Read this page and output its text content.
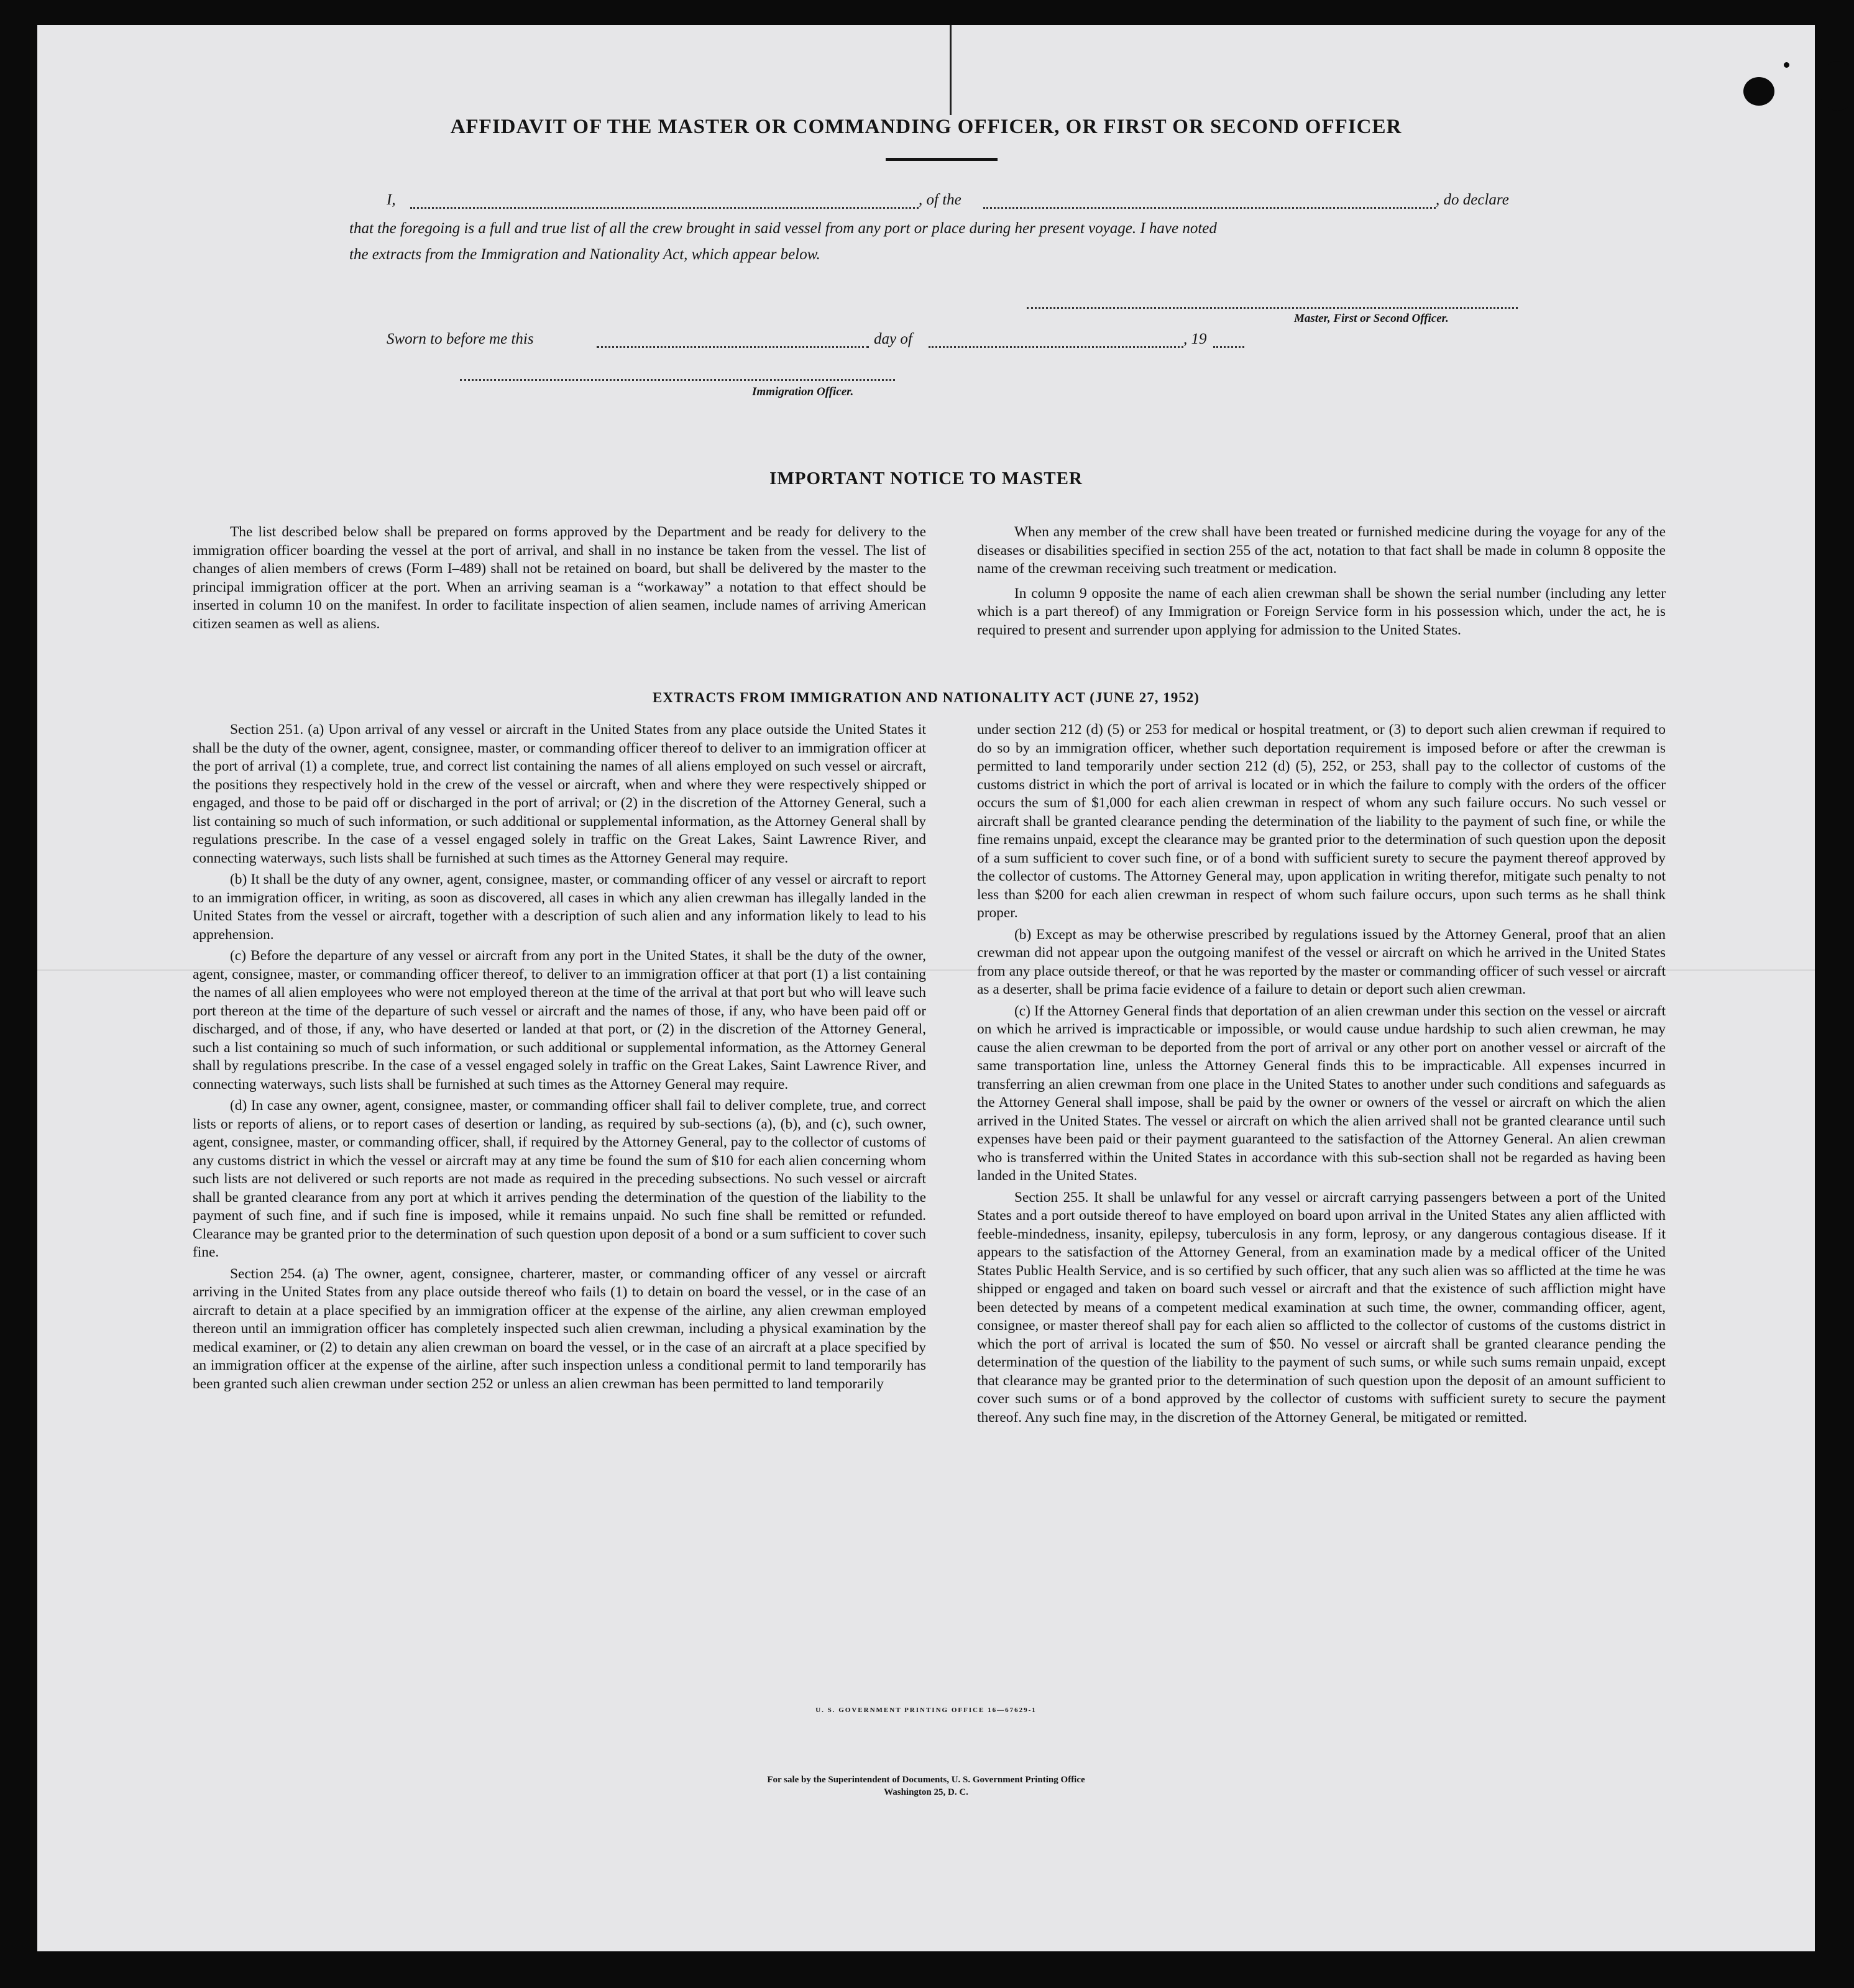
AFFIDAVIT OF THE MASTER OR COMMANDING OFFICER, OR FIRST OR SECOND OFFICER
I,	, of the	, do declare
that the foregoing is a full and true list of all the crew brought in said vessel from any port or place during her present voyage. I have noted
the extracts from the Immigration and Nationality Act, which appear below.
Master, First or Second Officer.
Sworn to before me this	day of	, 19
Immigration Officer.
IMPORTANT NOTICE TO MASTER

The list described below shall be prepared on forms approved by the Department and be ready for delivery to the immigration officer boarding the vessel at the port of arrival, and shall in no instance be taken from the vessel. The list of changes of alien members of crews (Form I–489) shall not be retained on board, but shall be delivered by the master to the principal immigration officer at the port. When an arriving seaman is a “workaway” a notation to that effect should be inserted in column 10 on the manifest. In order to facilitate inspection of alien seamen, include names of arriving American citizen seamen as well as aliens.

When any member of the crew shall have been treated or furnished medicine during the voyage for any of the diseases or disabilities specified in section 255 of the act, notation to that fact shall be made in column 8 opposite the name of the crewman receiving such treatment or medication.

In column 9 opposite the name of each alien crewman shall be shown the serial number (including any letter which is a part thereof) of any Immigration or Foreign Service form in his possession which, under the act, he is required to present and surrender upon applying for admission to the United States.

EXTRACTS FROM IMMIGRATION AND NATIONALITY ACT (JUNE 27, 1952)

Section 251. (a) Upon arrival of any vessel or aircraft in the United States from any place outside the United States it shall be the duty of the owner, agent, consignee, master, or commanding officer thereof to deliver to an immigration officer at the port of arrival (1) a complete, true, and correct list containing the names of all aliens employed on such vessel or aircraft, the positions they respectively hold in the crew of the vessel or aircraft, when and where they were respectively shipped or engaged, and those to be paid off or discharged in the port of arrival; or (2) in the discretion of the Attorney General, such a list containing so much of such information, or such additional or supplemental information, as the Attorney General shall by regulations prescribe. In the case of a vessel engaged solely in traffic on the Great Lakes, Saint Lawrence River, and connecting waterways, such lists shall be furnished at such times as the Attorney General may require.

(b) It shall be the duty of any owner, agent, consignee, master, or commanding officer of any vessel or aircraft to report to an immigration officer, in writing, as soon as discovered, all cases in which any alien crewman has illegally landed in the United States from the vessel or aircraft, together with a description of such alien and any information likely to lead to his apprehension.

(c) Before the departure of any vessel or aircraft from any port in the United States, it shall be the duty of the owner, agent, consignee, master, or commanding officer thereof, to deliver to an immigration officer at that port (1) a list containing the names of all alien employees who were not employed thereon at the time of the arrival at that port but who will leave such port thereon at the time of the departure of such vessel or aircraft and the names of those, if any, who have been paid off or discharged, and of those, if any, who have deserted or landed at that port, or (2) in the discretion of the Attorney General, such a list containing so much of such information, or such additional or supplemental information, as the Attorney General shall by regulations prescribe. In the case of a vessel engaged solely in traffic on the Great Lakes, Saint Lawrence River, and connecting waterways, such lists shall be furnished at such times as the Attorney General may require.

(d) In case any owner, agent, consignee, master, or commanding officer shall fail to deliver complete, true, and correct lists or reports of aliens, or to report cases of desertion or landing, as required by sub-sections (a), (b), and (c), such owner, agent, consignee, master, or commanding officer, shall, if required by the Attorney General, pay to the collector of customs of any customs district in which the vessel or aircraft may at any time be found the sum of $10 for each alien concerning whom such lists are not delivered or such reports are not made as required in the preceding subsections. No such vessel or aircraft shall be granted clearance from any port at which it arrives pending the determination of the question of the liability to the payment of such fine, and if such fine is imposed, while it remains unpaid. No such fine shall be remitted or refunded. Clearance may be granted prior to the determination of such question upon deposit of a bond or a sum sufficient to cover such fine.

Section 254. (a) The owner, agent, consignee, charterer, master, or commanding officer of any vessel or aircraft arriving in the United States from any place outside thereof who fails (1) to detain on board the vessel, or in the case of an aircraft to detain at a place specified by an immigration officer at the expense of the airline, any alien crewman employed thereon until an immigration officer has completely inspected such alien crewman, including a physical examination by the medical examiner, or (2) to detain any alien crewman on board the vessel, or in the case of an aircraft at a place specified by an immigration officer at the expense of the airline, after such inspection unless a conditional permit to land temporarily has been granted such alien crewman under section 252 or unless an alien crewman has been permitted to land temporarily

under section 212 (d) (5) or 253 for medical or hospital treatment, or (3) to deport such alien crewman if required to do so by an immigration officer, whether such deportation requirement is imposed before or after the crewman is permitted to land temporarily under section 212 (d) (5), 252, or 253, shall pay to the collector of customs of the customs district in which the port of arrival is located or in which the failure to comply with the orders of the officer occurs the sum of $1,000 for each alien crewman in respect of whom any such failure occurs. No such vessel or aircraft shall be granted clearance pending the determination of the liability to the payment of such fine, or while the fine remains unpaid, except the clearance may be granted prior to the determination of such question upon the deposit of a sum sufficient to cover such fine, or of a bond with sufficient surety to secure the payment thereof approved by the collector of customs. The Attorney General may, upon application in writing therefor, mitigate such penalty to not less than $200 for each alien crewman in respect of whom such failure occurs, upon such terms as he shall think proper.

(b) Except as may be otherwise prescribed by regulations issued by the Attorney General, proof that an alien crewman did not appear upon the outgoing manifest of the vessel or aircraft on which he arrived in the United States from any place outside thereof, or that he was reported by the master or commanding officer of such vessel or aircraft as a deserter, shall be prima facie evidence of a failure to detain or deport such alien crewman.

(c) If the Attorney General finds that deportation of an alien crewman under this section on the vessel or aircraft on which he arrived is impracticable or impossible, or would cause undue hardship to such alien crewman, he may cause the alien crewman to be deported from the port of arrival or any other port on another vessel or aircraft of the same transportation line, unless the Attorney General finds this to be impracticable. All expenses incurred in transferring an alien crewman from one place in the United States to another under such conditions and safeguards as the Attorney General shall impose, shall be paid by the owner or owners of the vessel or aircraft on which the alien arrived in the United States. The vessel or aircraft on which the alien arrived shall not be granted clearance until such expenses have been paid or their payment guaranteed to the satisfaction of the Attorney General. An alien crewman who is transferred within the United States in accordance with this sub-section shall not be regarded as having been landed in the United States.

Section 255. It shall be unlawful for any vessel or aircraft carrying passengers between a port of the United States and a port outside thereof to have employed on board upon arrival in the United States any alien afflicted with feeble-mindedness, insanity, epilepsy, tuberculosis in any form, leprosy, or any dangerous contagious disease. If it appears to the satisfaction of the Attorney General, from an examination made by a medical officer of the United States Public Health Service, and is so certified by such officer, that any such alien was so afflicted at the time he was shipped or engaged and taken on board such vessel or aircraft and that the existence of such affliction might have been detected by means of a competent medical examination at such time, the owner, commanding officer, agent, consignee, or master thereof shall pay for each alien so afflicted to the collector of customs of the customs district in which the port of arrival is located the sum of $50. No vessel or aircraft shall be granted clearance pending the determination of the question of the liability to the payment of such sums, or while such sums remain unpaid, except that clearance may be granted prior to the determination of such question upon the deposit of an amount sufficient to cover such sums or of a bond approved by the collector of customs with sufficient surety to secure the payment thereof. Any such fine may, in the discretion of the Attorney General, be mitigated or remitted.

U. S. GOVERNMENT PRINTING OFFICE 16—67629-1
For sale by the Superintendent of Documents, U. S. Government Printing Office
Washington 25, D. C.
